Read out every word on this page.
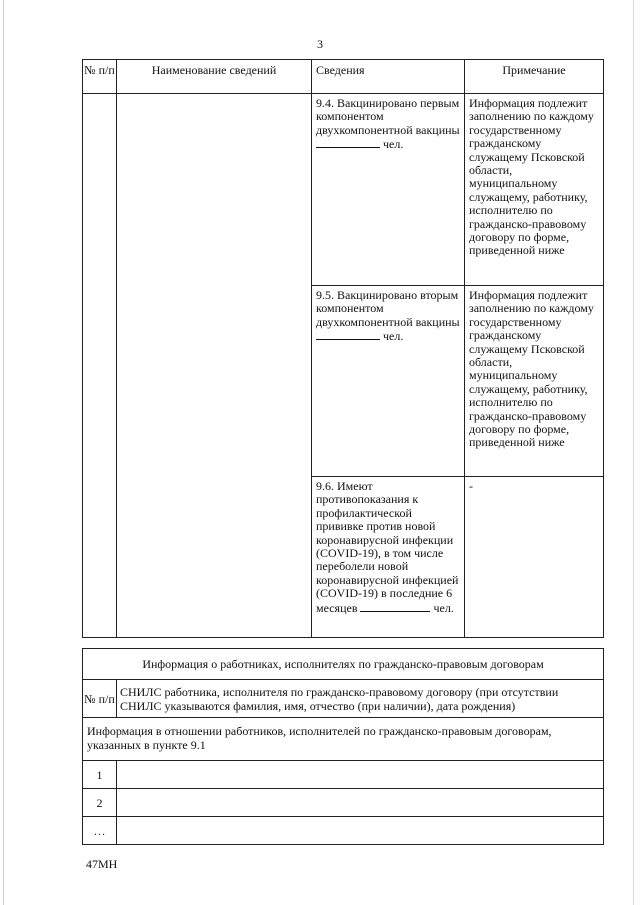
3
№ п/п	Наименование сведений	Сведения	Примечание

		9.4. Вакцинировано первым компонентом двухкомпонентной вакцины  чел.	Информация подлежит заполнению по каждому государственному гражданскому служащему Псковской области, муниципальному служащему, работнику, исполнителю по гражданско-правовому договору по форме, приведенной ниже

		9.5. Вакцинировано вторым компонентом двухкомпонентной вакцины  чел.	Информация подлежит заполнению по каждому государственному гражданскому служащему Псковской области, муниципальному служащему, работнику, исполнителю по гражданско-правовому договору по форме, приведенной ниже

		9.6. Имеют противопоказания к профилактической прививке против новой коронавирусной инфекции (COVID-19), в том числе переболели новой коронавирусной инфекцией (COVID-19) в последние 6 месяцев чел.	-
Информация о работниках, исполнителях по гражданско-правовым договорам	
№ п/п	СНИЛС работника, исполнителя по гражданско-правовому договору (при отсутствии СНИЛС указываются фамилия, имя, отчество (при наличии), дата рождения)
Информация в отношении работников, исполнителей по гражданско-правовым договорам, указанных в пункте 9.1	
1	
2	
…	
47МН
